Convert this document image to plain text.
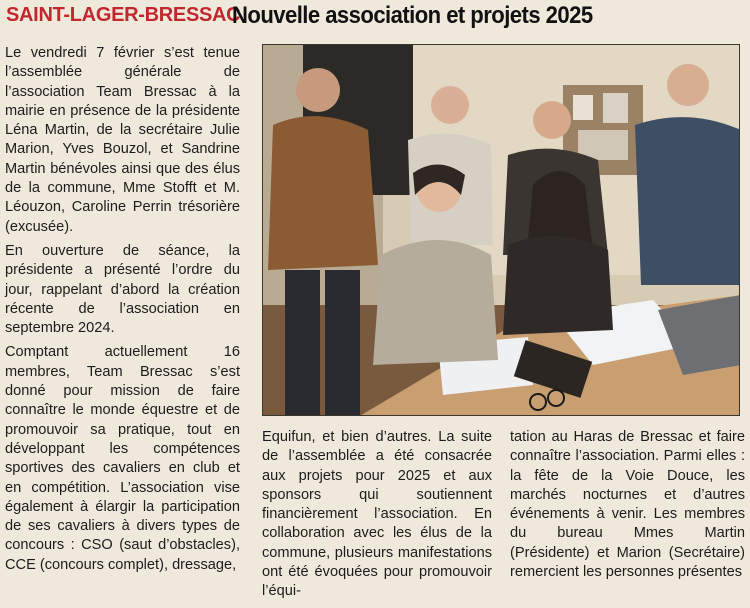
SAINT-LAGER-BRESSAC
Nouvelle association et projets 2025

Le vendredi 7 février s’est tenue l’assemblée générale de l’association Team Bressac à la mairie en présence de la présidente Léna Martin, de la secrétaire Julie Marion, Yves Bouzol, et Sandrine Martin bénévoles ainsi que des élus de la commune, Mme Stofft et M. Léouzon, Caroline Perrin trésorière (excusée).

En ouverture de séance, la présidente a présenté l’ordre du jour, rappelant d’abord la création récente de l’association en septembre 2024.

Comptant actuellement 16 membres, Team Bressac s’est donné pour mission de faire connaître le monde équestre et de promouvoir sa pratique, tout en développant les compétences sportives des cavaliers en club et en compétition. L’association vise également à élargir la participation de ses cavaliers à divers types de concours : CSO (saut d’obstacles), CCE (concours complet), dressage,

Equifun, et bien d’autres. La suite de l’assemblée a été consacrée aux projets pour 2025 et aux sponsors qui soutiennent financièrement l’association. En collaboration avec les élus de la commune, plusieurs manifestations ont été évoquées pour promouvoir l’équi-

tation au Haras de Bressac et faire connaître l’association. Parmi elles : la fête de la Voie Douce, les marchés nocturnes et d’autres événements à venir. Les membres du bureau Mmes Martin (Présidente) et Marion (Secrétaire) remercient les personnes présentes
